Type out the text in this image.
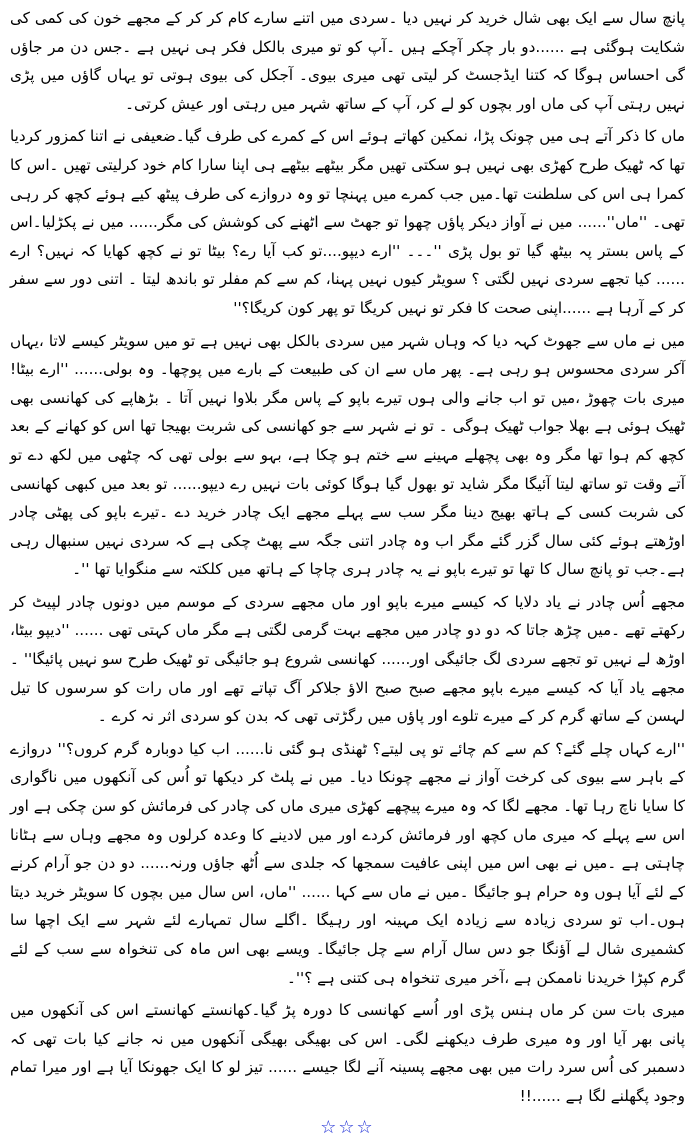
پانچ سال سے ایک بھی شال خرید کر نہیں دیا ۔سردی میں اتنے سارے کام کر کر کے مجھے خون کی کمی کی شکایت ہوگئی ہے ......دو بار چکر آچکے ہیں ۔آپ کو تو میری بالکل فکر ہی نہیں ہے ۔جس دن مر جاؤں گی احساس ہوگا کہ کتنا ایڈجسٹ کر لیتی تھی میری بیوی۔ آجکل کی بیوی ہوتی تو یہاں گاؤں میں پڑی نہیں رہتی آپ کی ماں اور بچوں کو لے کر، آپ کے ساتھ شہر میں رہتی اور عیش کرتی۔

ماں کا ذکر آتے ہی میں چونک پڑا، نمکین کھاتے ہوئے اس کے کمرے کی طرف گیا۔ضعیفی نے اتنا کمزور کردیا تھا کہ ٹھیک طرح کھڑی بھی نہیں ہو سکتی تھیں مگر بیٹھے بیٹھے ہی اپنا سارا کام خود کرلیتی تھیں ۔اس کا کمرا ہی اس کی سلطنت تھا۔میں جب کمرے میں پہنچا تو وہ دروازے کی طرف پیٹھ کیے ہوئے کچھ کر رہی تھی۔ ''ماں''...... میں نے آواز دیکر پاؤں چھوا تو جھٹ سے اٹھنے کی کوشش کی مگر...... میں نے پکڑلیا۔اس کے پاس بستر پہ بیٹھ گیا تو بول پڑی ''۔۔۔ ''ارے دیپو....تو کب آیا رے؟ بیٹا تو نے کچھ کھایا کہ نہیں؟ ارے ...... کیا تجھے سردی نہیں لگتی ؟ سویٹر کیوں نہیں پہنا، کم سے کم مفلر تو باندھ لیتا ۔ اتنی دور سے سفر کر کے آرہا ہے ......اپنی صحت کا فکر تو نہیں کریگا تو پھر کون کریگا؟''

میں نے ماں سے جھوٹ کہہ دیا کہ وہاں شہر میں سردی بالکل بھی نہیں ہے تو میں سویٹر کیسے لاتا ،یہاں آکر سردی محسوس ہو رہی ہے۔ پھر ماں سے ان کی طبیعت کے بارے میں پوچھا۔ وہ بولی...... ''ارے بیٹا! میری بات چھوڑ ،میں تو اب جانے والی ہوں تیرے باپو کے پاس مگر بلاوا نہیں آتا ۔ بڑھاپے کی کھانسی بھی ٹھیک ہوئی ہے بھلا جواب ٹھیک ہوگی ۔ تو نے شہر سے جو کھانسی کی شربت بھیجا تھا اس کو کھانے کے بعد کچھ کم ہوا تھا مگر وہ بھی پچھلے مہینے سے ختم ہو چکا ہے، بہو سے بولی تھی کہ چٹھی میں لکھ دے تو آتے وقت تو ساتھ لیتا آئیگا مگر شاید تو بھول گیا ہوگا کوئی بات نہیں رے دیپو...... تو بعد میں کبھی کھانسی کی شربت کسی کے ہاتھ بھیج دینا مگر سب سے پہلے مجھے ایک چادر خرید دے ۔تیرے باپو کی پھٹی چادر اوڑھتے ہوئے کئی سال گزر گئے مگر اب وہ چادر اتنی جگہ سے پھٹ چکی ہے کہ سردی نہیں سنبھال رہی ہے۔جب تو پانچ سال کا تھا تو تیرے باپو نے یہ چادر ہری چاچا کے ہاتھ میں کلکتہ سے منگوایا تھا ''۔

مجھے اُس چادر نے یاد دلایا کہ کیسے میرے باپو اور ماں مجھے سردی کے موسم میں دونوں چادر لپیٹ کر رکھتے تھے ۔میں چڑھ جاتا کہ دو دو چادر میں مجھے بہت گرمی لگتی ہے مگر ماں کہتی تھی ...... ''دیپو بیٹا، اوڑھ لے نہیں تو تجھے سردی لگ جائیگی اور...... کھانسی شروع ہو جائیگی تو ٹھیک طرح سو نہیں پائیگا'' ۔ مجھے یاد آیا کہ کیسے میرے باپو مجھے صبح صبح الاؤ جلاکر آگ تپاتے تھے اور ماں رات کو سرسوں کا تیل لہسن کے ساتھ گرم کر کے میرے تلوے اور پاؤں میں رگڑتی تھی کہ بدن کو سردی اثر نہ کرے ۔

''ارے کہاں چلے گئے؟ کم سے کم چائے تو پی لیتے؟ ٹھنڈی ہو گئی نا...... اب کیا دوبارہ گرم کروں؟'' دروازے کے باہر سے بیوی کی کرخت آواز نے مجھے چونکا دیا۔ میں نے پلٹ کر دیکھا تو اُس کی آنکھوں میں ناگواری کا سایا ناچ رہا تھا۔ مجھے لگا کہ وہ میرے پیچھے کھڑی میری ماں کی چادر کی فرمائش کو سن چکی ہے اور اس سے پہلے کہ میری ماں کچھ اور فرمائش کردے اور میں لادینے کا وعدہ کرلوں وہ مجھے وہاں سے ہٹانا چاہتی ہے ۔میں نے بھی اس میں اپنی عافیت سمجھا کہ جلدی سے اُٹھ جاؤں ورنہ...... دو دن جو آرام کرنے کے لئے آیا ہوں وہ حرام ہو جائیگا ۔میں نے ماں سے کہا ...... ''ماں، اس سال میں بچوں کا سویٹر خرید دیتا ہوں۔اب تو سردی زیادہ سے زیادہ ایک مہینہ اور رہیگا ۔اگلے سال تمہارے لئے شہر سے ایک اچھا سا کشمیری شال لے آؤنگا جو دس سال آرام سے چل جائیگا۔ ویسے بھی اس ماہ کی تنخواہ سے سب کے لئے گرم کپڑا خریدنا ناممکن ہے ،آخر میری تنخواہ ہی کتنی ہے ؟''۔

میری بات سن کر ماں ہنس پڑی اور اُسے کھانسی کا دورہ پڑ گیا۔کھانستے کھانستے اس کی آنکھوں میں پانی بھر آیا اور وہ میری طرف دیکھنے لگی۔ اس کی بھیگی بھیگی آنکھوں میں نہ جانے کیا بات تھی کہ دسمبر کی اُس سرد رات میں بھی مجھے پسینہ آنے لگا جیسے ...... تیز لو کا ایک جھونکا آیا ہے اور میرا تمام وجود پگھلنے لگا ہے ......!!

☆☆☆
